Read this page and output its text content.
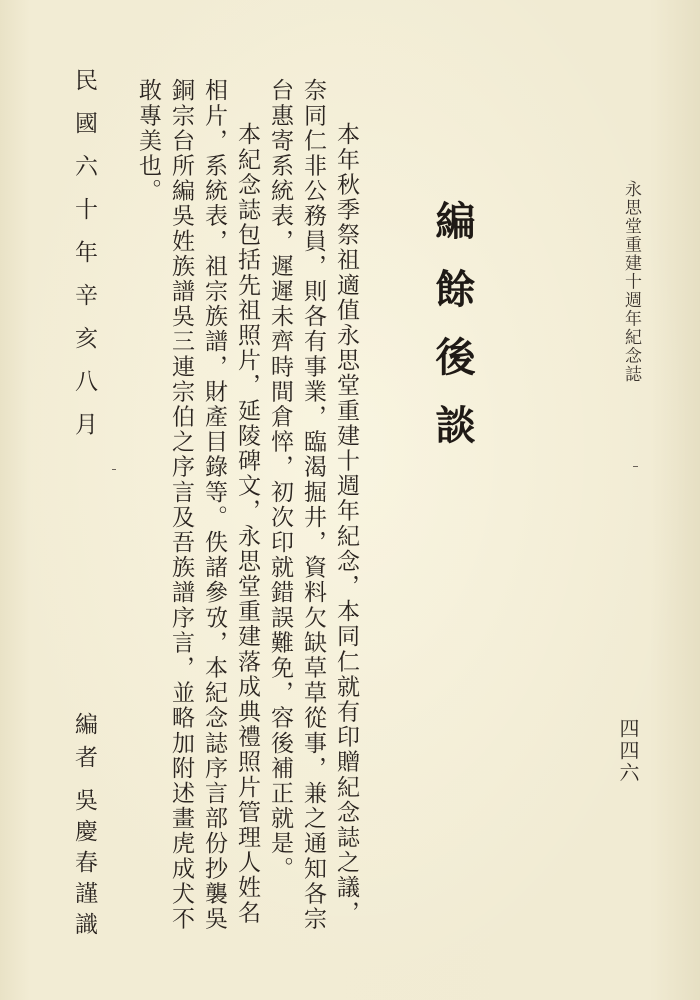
永思堂重建十週年紀念誌
四四六
編餘後談
本年秋季祭祖適值永思堂重建十週年紀念，本同仁就有印贈紀念誌之議，
奈同仁非公務員，則各有事業，臨渴掘井，資料欠缺草草從事，兼之通知各宗
台惠寄系統表，遲遲未齊時間倉悴，初次印就錯誤難免，容後補正就是。
本紀念誌包括先祖照片，延陵碑文，永思堂重建落成典禮照片管理人姓名
相片，系統表，祖宗族譜，財產目錄等。佚諸參攷，本紀念誌序言部份抄襲吳
銅宗台所編吳姓族譜吳三連宗伯之序言及吾族譜序言，並略加附述畫虎成犬不
敢專美也。
民國六十年辛亥八月
編者
吳慶春謹識
